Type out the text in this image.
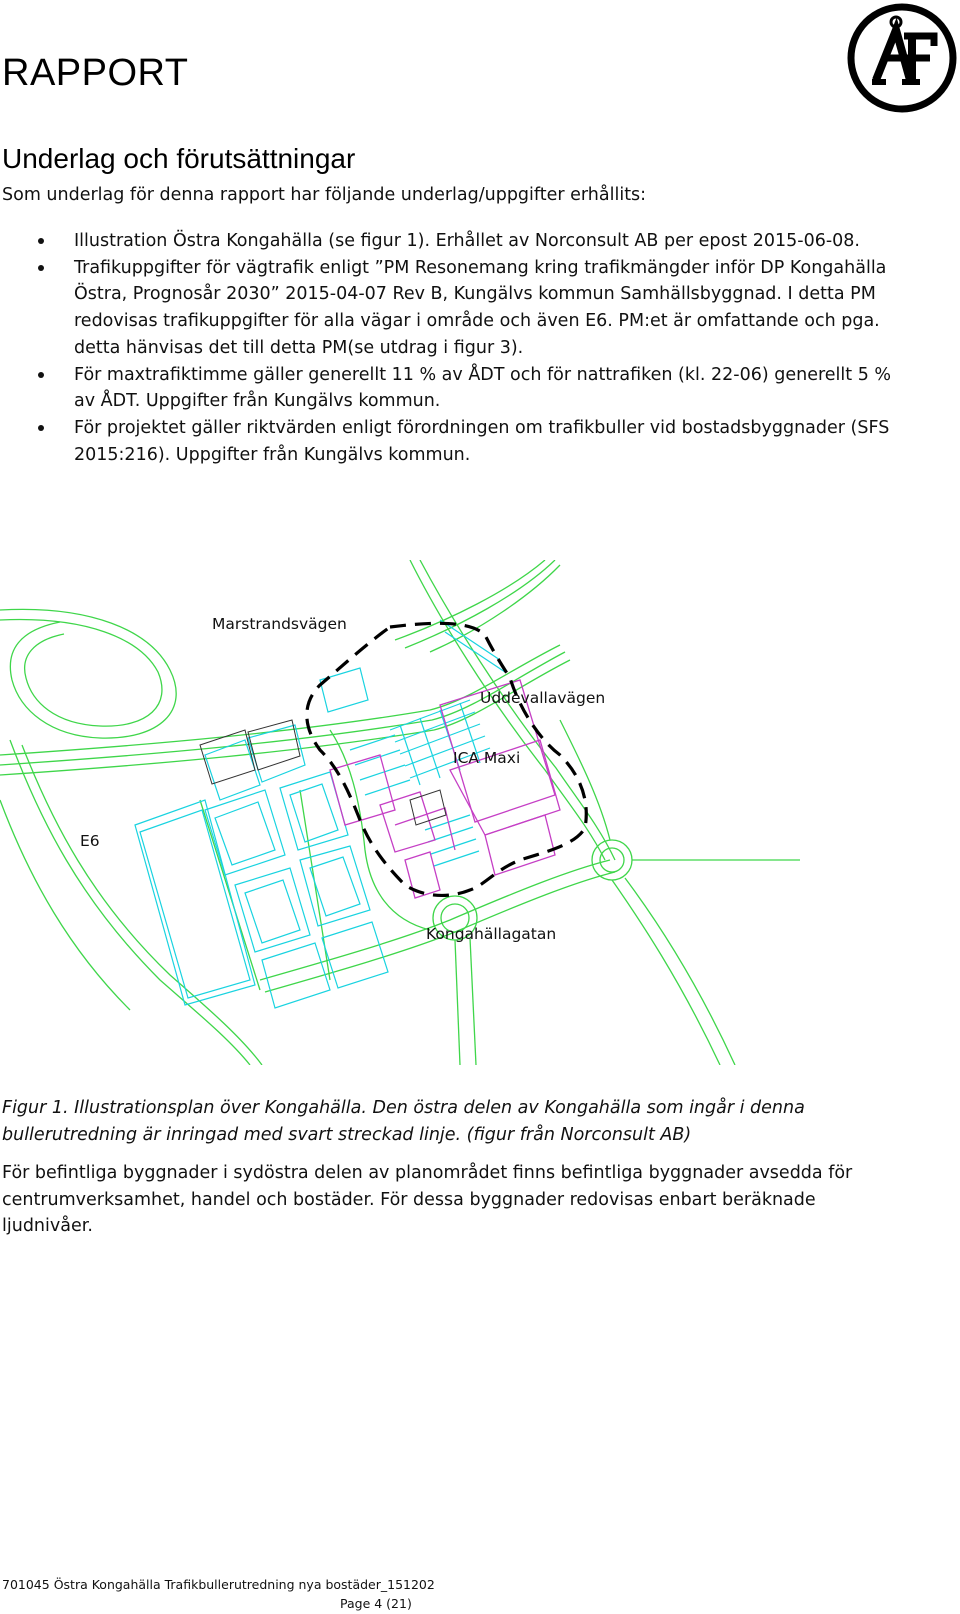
RAPPORT
Underlag och förutsättningar
Som underlag för denna rapport har följande underlag/uppgifter erhållits:
Illustration Östra Kongahälla (se figur 1). Erhållet av Norconsult AB per epost 2015-06-08.
Trafikuppgifter för vägtrafik enligt ”PM Resonemang kring trafikmängder inför DP Kongahälla Östra, Prognosår 2030” 2015-04-07 Rev B, Kungälvs kommun Samhällsbyggnad. I detta PM redovisas trafikuppgifter för alla vägar i område och även E6. PM:et är omfattande och pga. detta hänvisas det till detta PM(se utdrag i figur 3).
För maxtrafiktimme gäller generellt 11 % av ÅDT och för nattrafiken (kl. 22-06) generellt 5 % av ÅDT. Uppgifter från Kungälvs kommun.
För projektet gäller riktvärden enligt förordningen om trafikbuller vid bostadsbyggnader (SFS 2015:216). Uppgifter från Kungälvs kommun.
Marstrandsvägen
Uddevallavägen
ICA Maxi
E6
Kongahällagatan
Figur 1. Illustrationsplan över Kongahälla. Den östra delen av Kongahälla som ingår i denna bullerutredning är inringad med svart streckad linje. (figur från Norconsult AB)
För befintliga byggnader i sydöstra delen av planområdet finns befintliga byggnader avsedda för centrumverksamhet, handel och bostäder. För dessa byggnader redovisas enbart beräknade ljudnivåer.
701045 Östra Kongahälla Trafikbullerutredning nya bostäder_151202
Page 4 (21)
